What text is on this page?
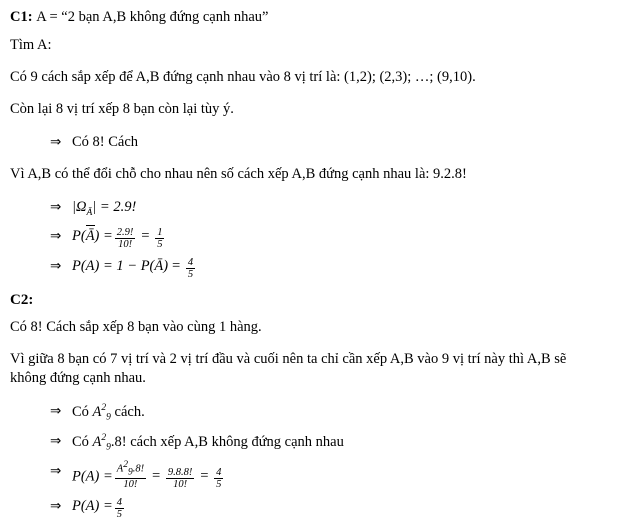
C1: A = “2 bạn A,B không đứng cạnh nhau”
Tìm A:
Có 9 cách sắp xếp để A,B đứng cạnh nhau vào 8 vị trí là: (1,2); (2,3); …; (9,10).
Còn lại 8 vị trí xếp 8 bạn còn lại tùy ý.
⇒ Có 8! Cách
Vì A,B có thể đổi chỗ cho nhau nên số cách xếp A,B đứng cạnh nhau là: 9.2.8!
⇒ $|\Omega_{Ā}| = 2.9$!
⇒ P(Ā) = $\frac{2.9!}{10!} = \frac{1}{5}$
⇒ P(A) = 1 − P(Ā) = $\frac{4}{5}$
C2:
Có 8! Cách sắp xếp 8 bạn vào cùng 1 hàng.
Vì giữa 8 bạn có 7 vị trí và 2 vị trí đầu và cuối nên ta chỉ cần xếp A,B vào 9 vị trí này thì A,B sẽ
không đứng cạnh nhau.
⇒ Có $A^2_9$ cách.
⇒ Có $A^2_9.8$! cách xếp A,B không đứng cạnh nhau
⇒ $P(A) = \frac{A^2_9.8!}{10!} = \frac{9.8.8!}{10!} = \frac{4}{5}$
⇒ $P(A) = \frac{4}{5}$
